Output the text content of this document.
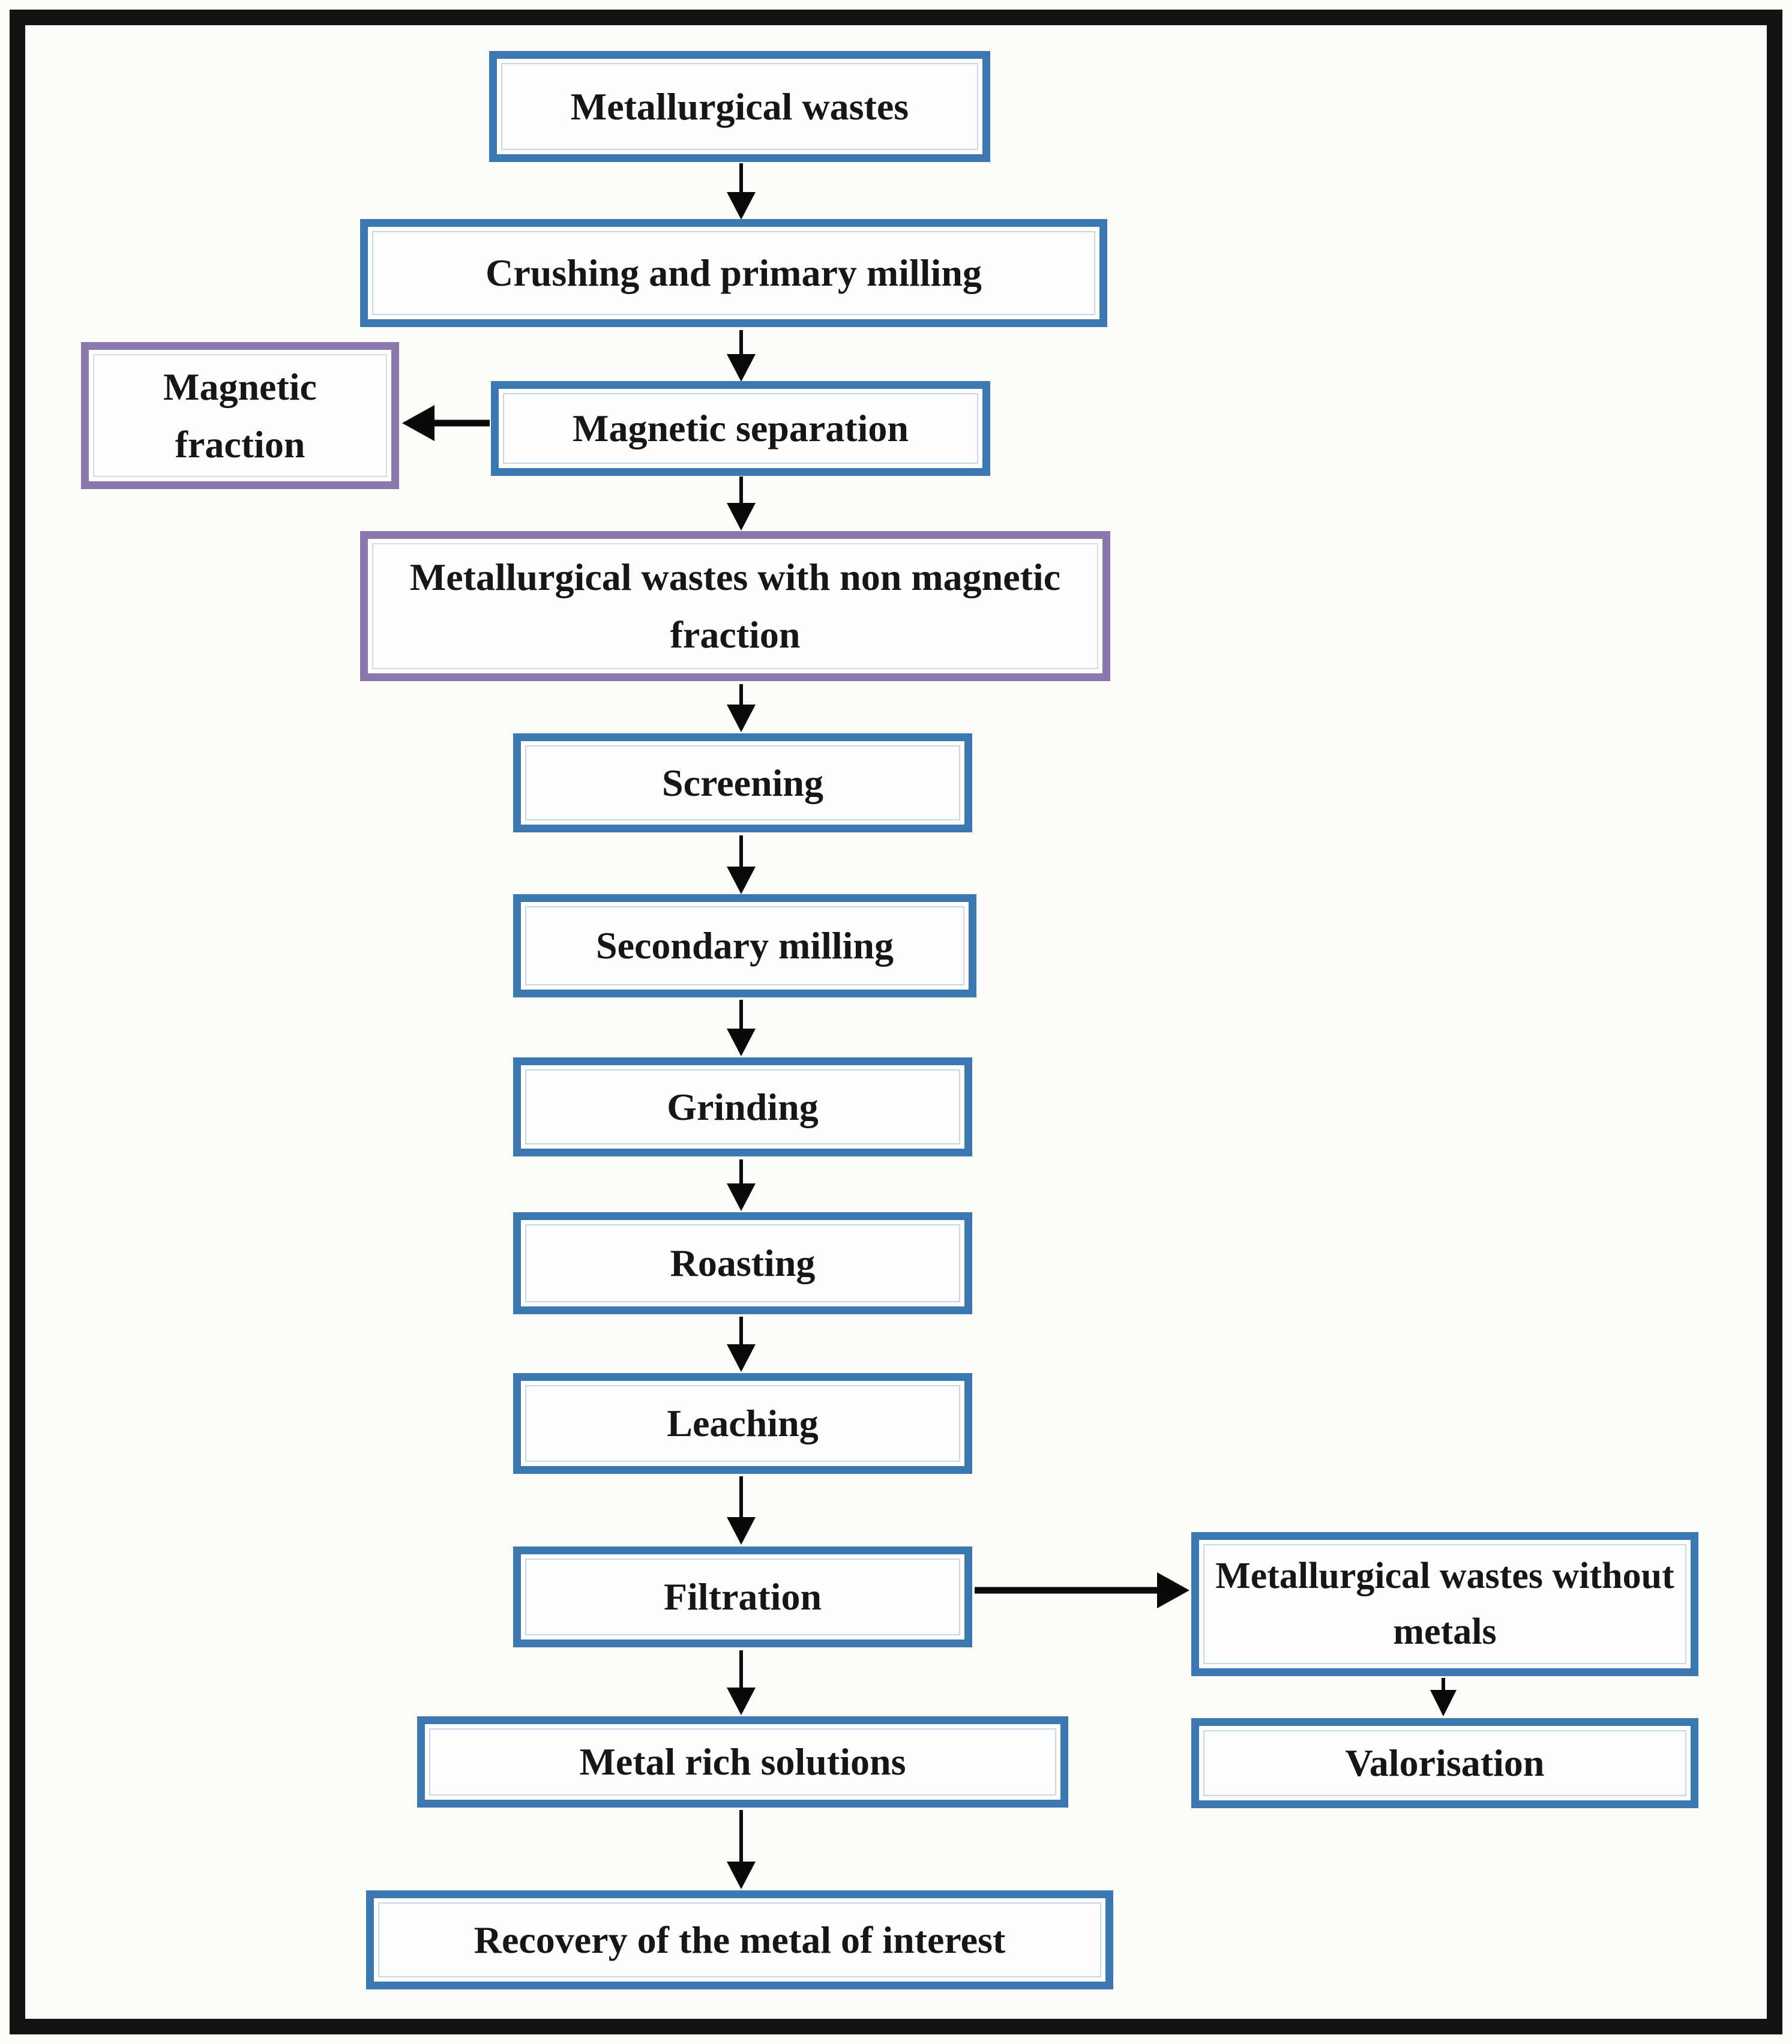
Metallurgical wastes
Crushing and primary milling
Magnetic fraction	Magnetic separation
Metallurgical wastes with non magnetic fraction
Screening
Secondary milling
Grinding
Roasting
Leaching
Filtration	Metallurgical wastes without metals
Metal rich solutions	Valorisation
Recovery of the metal of interest
